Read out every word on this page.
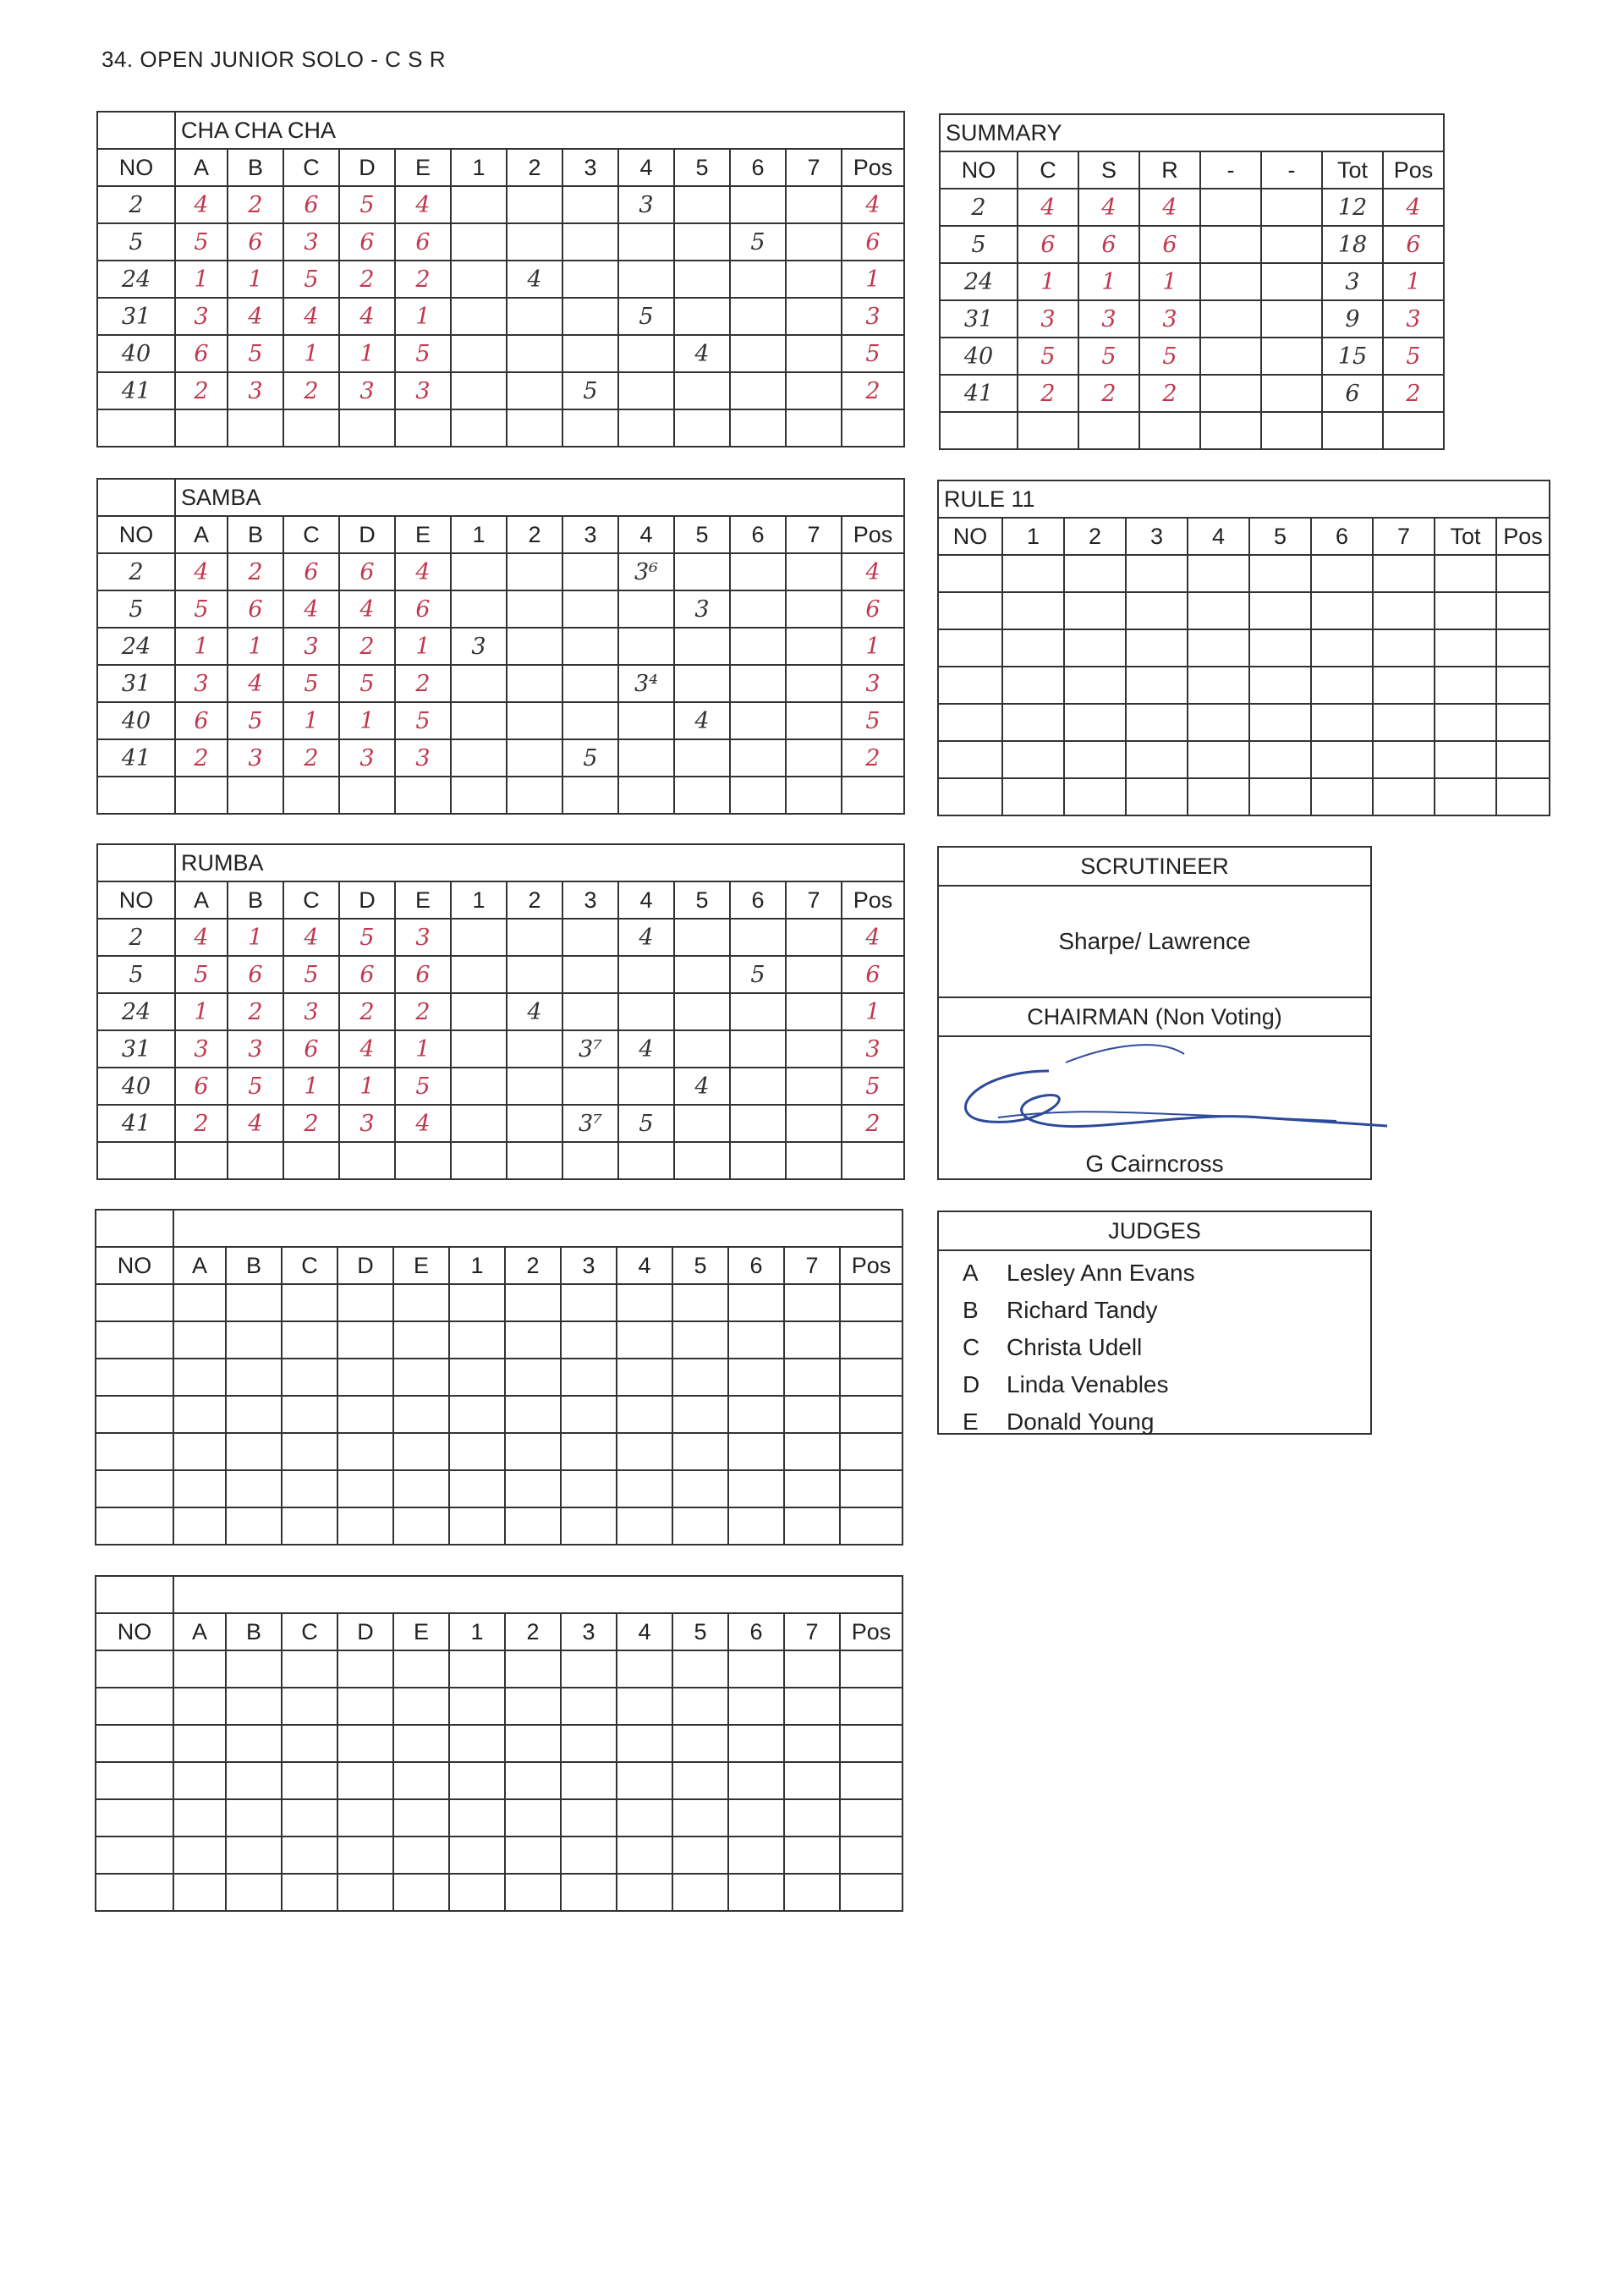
34. OPEN JUNIOR SOLO - C S R
	CHA CHA CHA												
NO	A	B	C	D	E	1	2	3	4	5	6	7	Pos
2	4	2	6	5	4				3				4
5	5	6	3	6	6						5		6
24	1	1	5	2	2		4						1
31	3	4	4	4	1				5				3
40	6	5	1	1	5					4			5
41	2	3	2	3	3			5					2

	SAMBA												
NO	A	B	C	D	E	1	2	3	4	5	6	7	Pos
2	4	2	6	6	4				3⁶				4
5	5	6	4	4	6					3			6
24	1	1	3	2	1	3							1
31	3	4	5	5	2				3⁴				3
40	6	5	1	1	5					4			5
41	2	3	2	3	3			5					2

	RUMBA												
NO	A	B	C	D	E	1	2	3	4	5	6	7	Pos
2	4	1	4	5	3				4				4
5	5	6	5	6	6						5		6
24	1	2	3	2	2		4						1
31	3	3	6	4	1			3⁷	4				3
40	6	5	1	1	5					4			5
41	2	4	2	3	4			3⁷	5				2

NO	A	B	C	D	E	1	2	3	4	5	6	7	Pos

NO	A	B	C	D	E	1	2	3	4	5	6	7	Pos

SUMMARY							
NO	C	S	R	-	-	Tot	Pos
2	4	4	4			12	4
5	6	6	6			18	6
24	1	1	1			3	1
31	3	3	3			9	3
40	5	5	5			15	5
41	2	2	2			6	2

RULE 11									
NO	1	2	3	4	5	6	7	Tot	Pos

SCRUTINEER
Sharpe/ Lawrence
CHAIRMAN (Non Voting)
G Cairncross
JUDGES
A	Lesley Ann Evans
B	Richard Tandy
C	Christa Udell
D	Linda Venables
E	Donald Young
